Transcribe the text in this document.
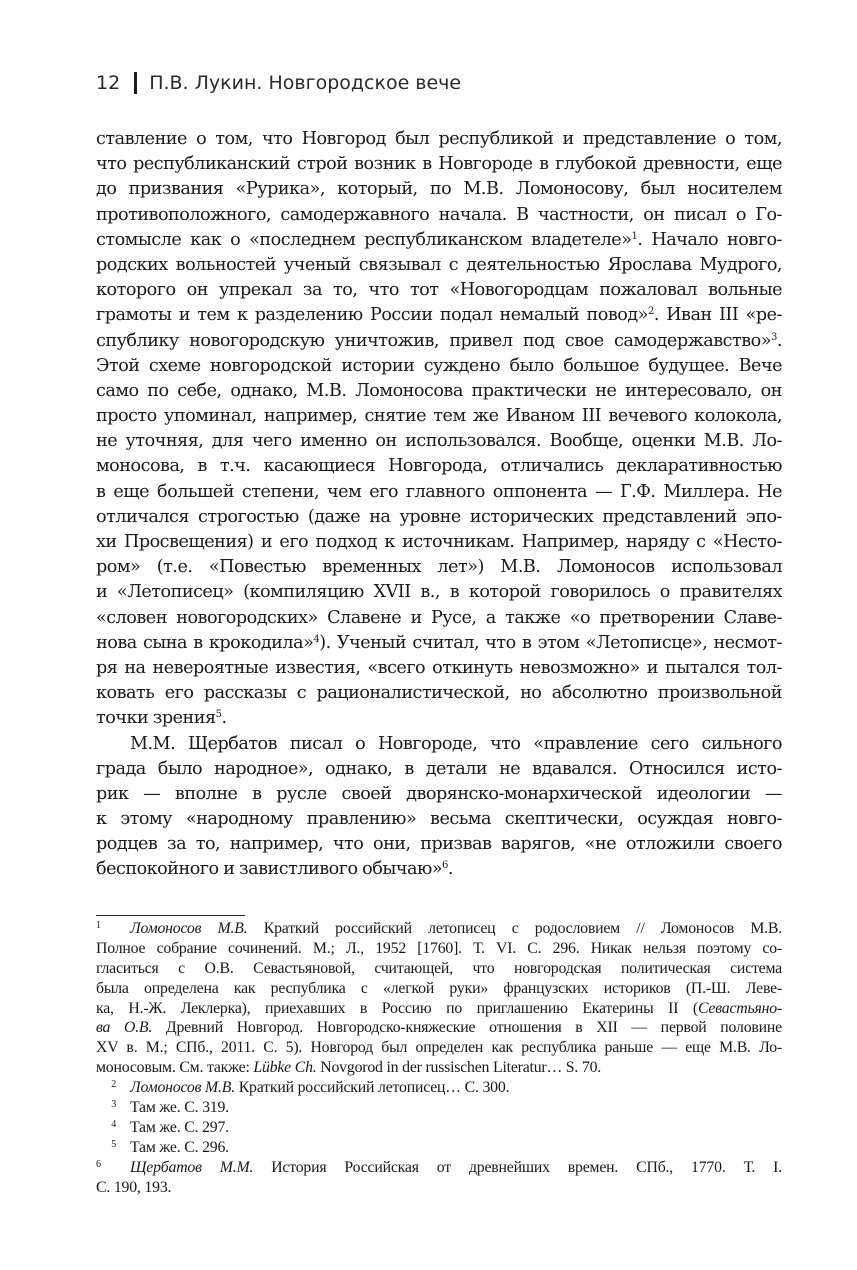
12 П.В. Лукин. Новгородское вече
ставление о том, что Новгород был республикой и представление о том,
что республиканский строй возник в Новгороде в глубокой древности, еще
до призвания «Рурика», который, по М.В. Ломоносову, был носителем
противоположного, самодержавного начала. В частности, он писал о Го-
стомысле как о «последнем республиканском владетеле»$^1$. Начало новго-
родских вольностей ученый связывал с деятельностью Ярослава Мудрого,
которого он упрекал за то, что тот «Новогородцам пожаловал вольные
грамоты и тем к разделению России подал немалый повод»$^2$. Иван III «ре-
спублику новогородскую уничтожив, привел под свое самодержавство»$^3$.
Этой схеме новгородской истории суждено было большое будущее. Вече
само по себе, однако, М.В. Ломоносова практически не интересовало, он
просто упоминал, например, снятие тем же Иваном III вечевого колокола,
не уточняя, для чего именно он использовался. Вообще, оценки М.В. Ло-
моносова, в т.ч. касающиеся Новгорода, отличались декларативностью
в еще большей степени, чем его главного оппонента — Г.Ф. Миллера. Не
отличался строгостью (даже на уровне исторических представлений эпо-
хи Просвещения) и его подход к источникам. Например, наряду с «Несто-
ром» (т.е. «Повестью временных лет») М.В. Ломоносов использовал
и «Летописец» (компиляцию XVII в., в которой говорилось о правителях
«словен новогородских» Славене и Русе, а также «о претворении Славе-
нова сына в крокодила»$^4$). Ученый считал, что в этом «Летописце», несмот-
ря на невероятные известия, «всего откинуть невозможно» и пытался тол-
ковать его рассказы с рационалистической, но абсолютно произвольной
точки зрения$^5$.
М.М. Щербатов писал о Новгороде, что «правление сего сильного
града было народное», однако, в детали не вдавался. Относился исто-
рик — вполне в русле своей дворянско-монархической идеологии —
к этому «народному правлению» весьма скептически, осуждая новго-
родцев за то, например, что они, призвав варягов, «не отложили своего
беспокойного и завистливого обычаю»$^6$.
1 Ломоносов М.В. Краткий российский летописец с родословием // Ломоносов М.В.
Полное собрание сочинений. М.; Л., 1952 [1760]. Т. VI. С. 296. Никак нельзя поэтому со-
гласиться с О.В. Севастьяновой, считающей, что новгородская политическая система
была определена как республика с «легкой руки» французских историков (П.-Ш. Леве-
ка, Н.-Ж. Леклерка), приехавших в Россию по приглашению Екатерины II (Севастьяно-
ва О.В. Древний Новгород. Новгородско-княжеские отношения в XII — первой половине
XV в. М.; СПб., 2011. С. 5). Новгород был определен как республика раньше — еще М.В. Ло-
моносовым. См. также: Lübke Ch. Novgorod in der russischen Literatur… S. 70.
2 Ломоносов М.В. Краткий российский летописец… С. 300.
3 Там же. С. 319.
4 Там же. С. 297.
5 Там же. С. 296.
6 Щербатов М.М. История Российская от древнейших времен. СПб., 1770. Т. I.
С. 190, 193.
